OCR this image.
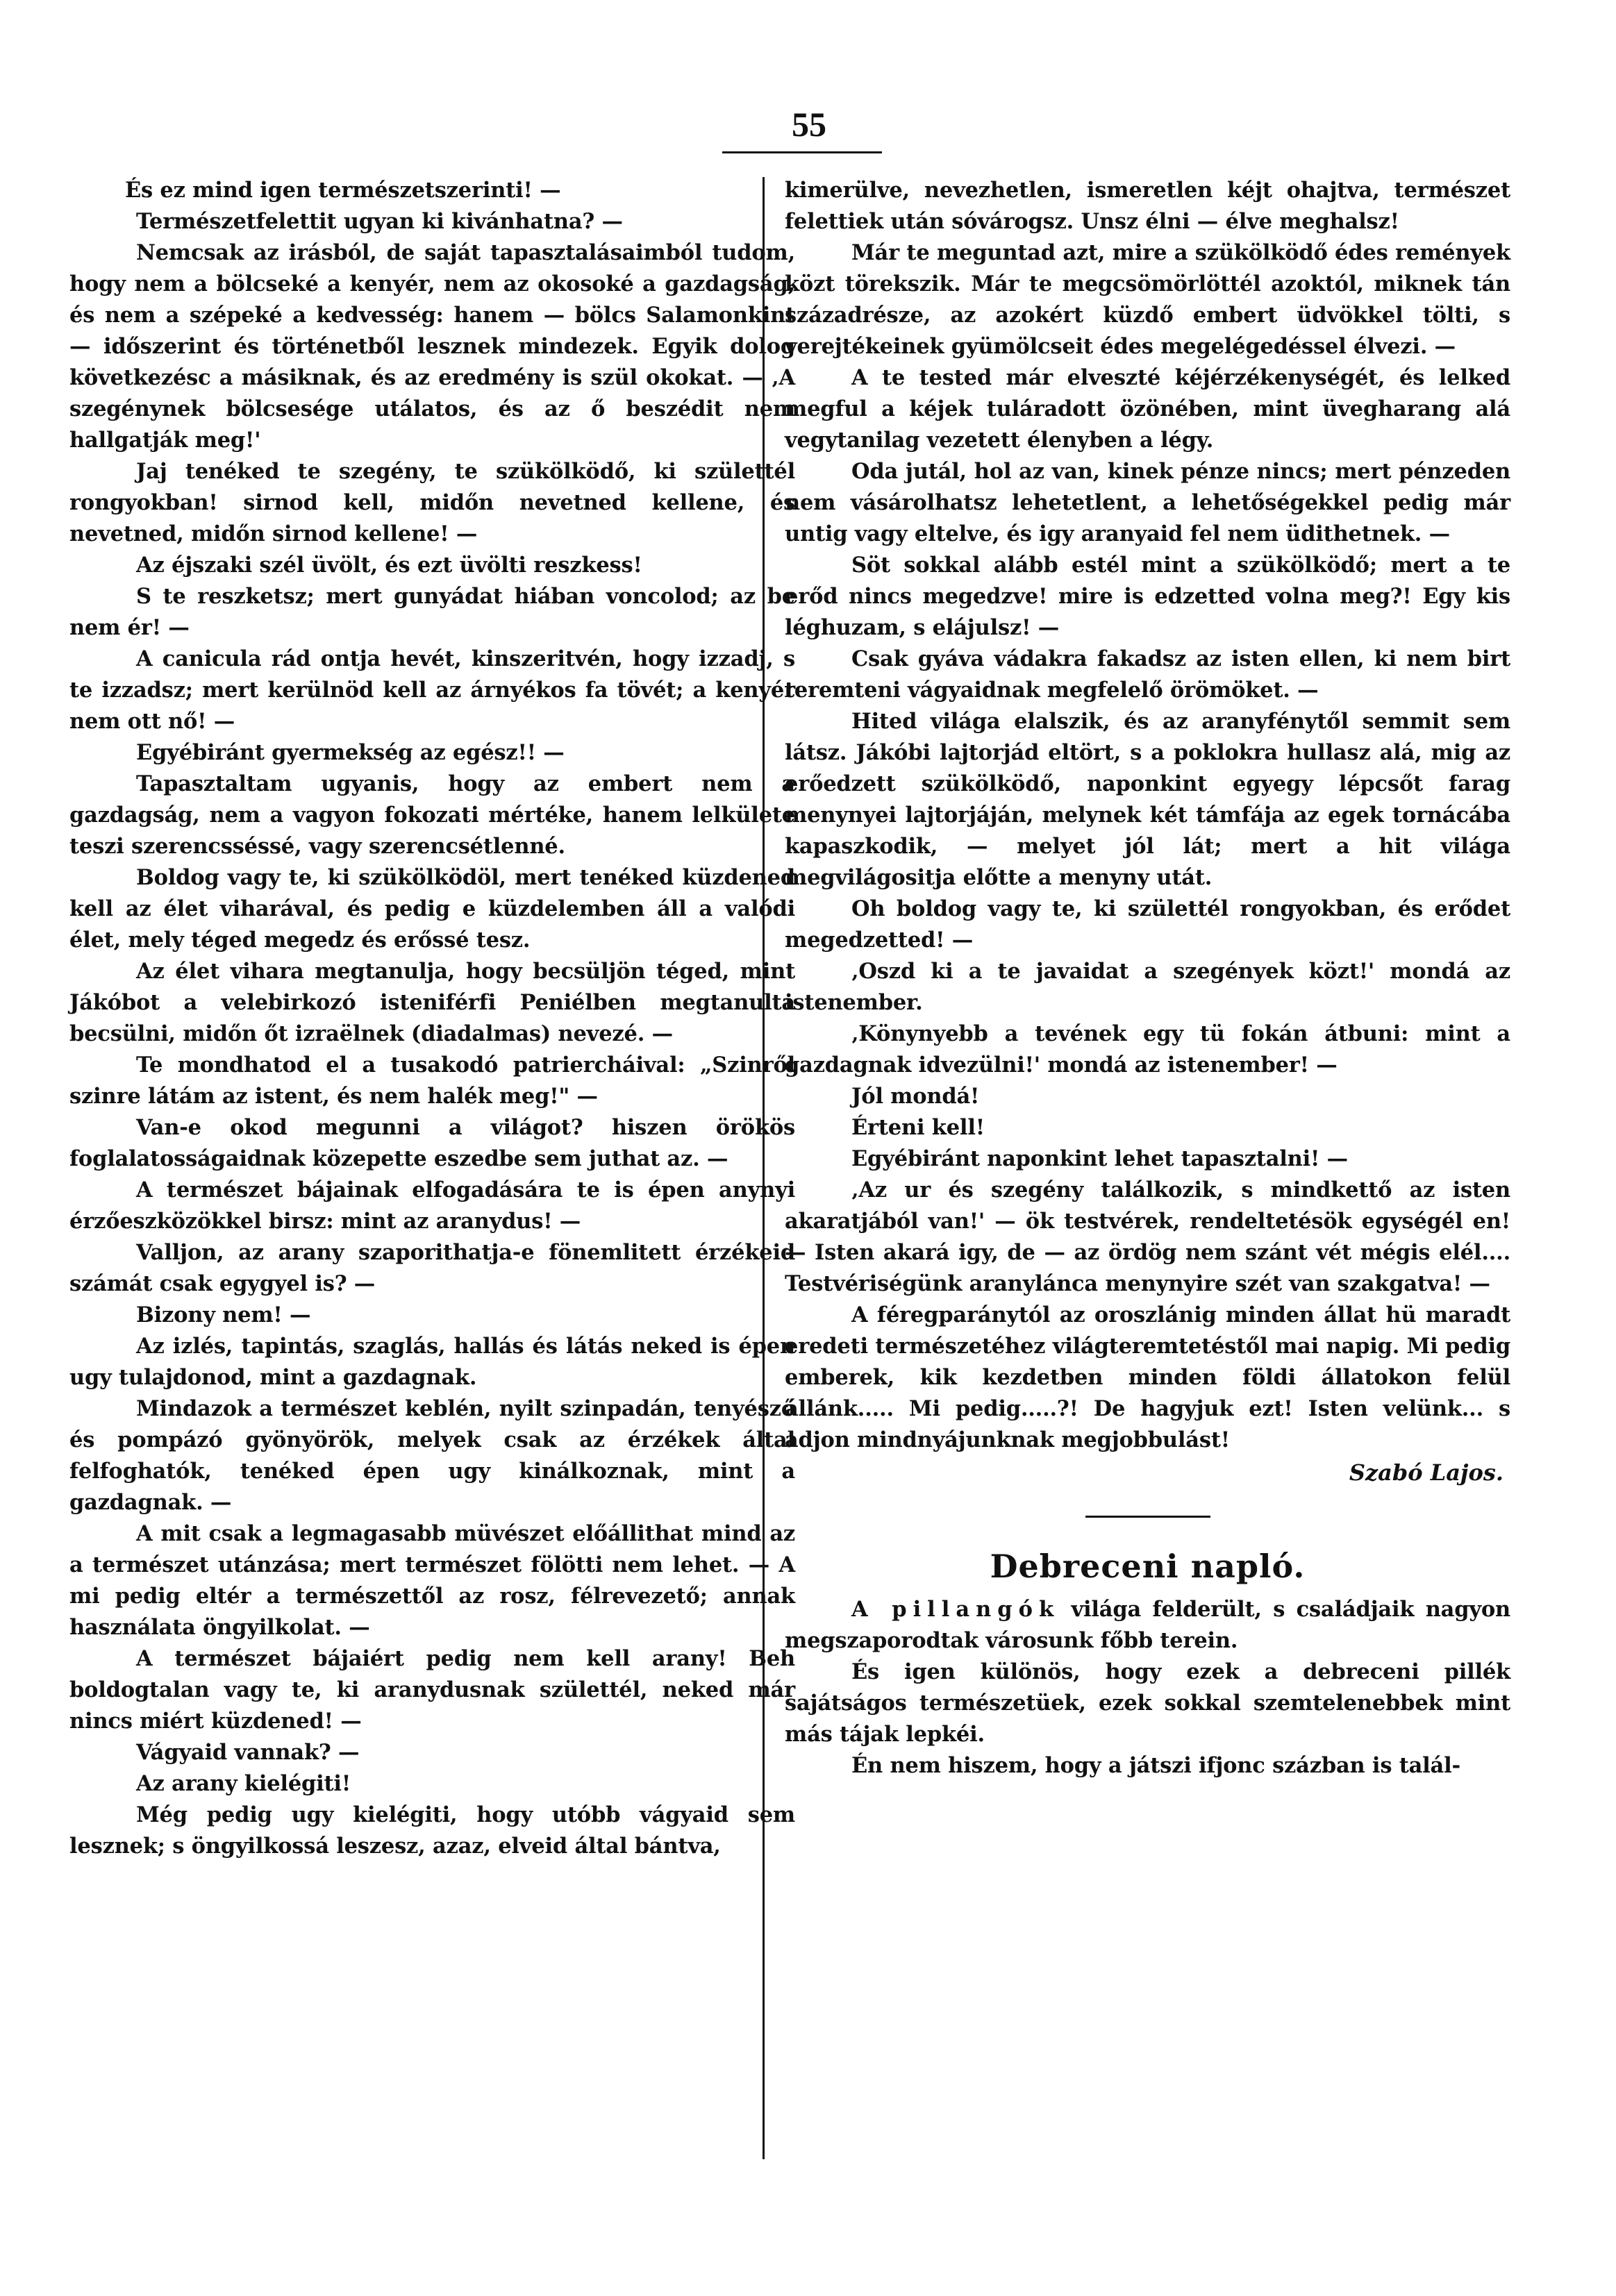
55

És ez mind igen természetszerinti! —

Természetfelettit ugyan ki kivánhatna? —

Nemcsak az irásból, de saját tapasztalásaimból tudom, hogy nem a bölcseké a kenyér, nem az okosoké a gazdagság, és nem a szépeké a kedvesség: hanem — bölcs Salamonkint — időszerint és történetből lesznek mindezek. Egyik dolog következésc a másiknak, és az eredmény is szül okokat. — ‚A szegénynek bölcsesége utálatos, és az ő beszédit nem hallgatják meg!'

Jaj tenéked te szegény, te szükölködő, ki születtél rongyokban! sirnod kell, midőn nevetned kellene, és nevetned, midőn sirnod kellene! —

Az éjszaki szél üvölt, és ezt üvölti reszkess!

S te reszketsz; mert gunyádat hiában voncolod; az be nem ér! —

A canicula rád ontja hevét, kinszeritvén, hogy izzadj, s te izzadsz; mert kerülnöd kell az árnyékos fa tövét; a kenyér nem ott nő! —

Egyébiránt gyermekség az egész!! —

Tapasztaltam ugyanis, hogy az embert nem a gazdagság, nem a vagyon fokozati mértéke, hanem lelkülete teszi szerencsséssé, vagy szerencsétlenné.

Boldog vagy te, ki szükölködöl, mert tenéked küzdened kell az élet viharával, és pedig e küzdelemben áll a valódi élet, mely téged megedz és erőssé tesz.

Az élet vihara megtanulja, hogy becsüljön téged, mint Jákóbot a velebirkozó isteniférfi Peniélben megtanulta becsülni, midőn őt izraëlnek (diadalmas) nevezé. —

Te mondhatod el a tusakodó patriercháival: „Szinről szinre látám az istent, és nem halék meg!" —

Van-e okod megunni a világot? hiszen örökös foglalatosságaidnak közepette eszedbe sem juthat az. —

A természet bájainak elfogadására te is épen anynyi érzőeszközökkel birsz: mint az aranydus! —

Valljon, az arany szaporithatja-e fönemlitett érzékeid számát csak egygyel is? —

Bizony nem! —

Az izlés, tapintás, szaglás, hallás és látás neked is épen ugy tulajdonod, mint a gazdagnak.

Mindazok a természet keblén, nyilt szinpadán, tenyésző és pompázó gyönyörök, melyek csak az érzékek által felfoghatók, tenéked épen ugy kinálkoznak, mint a gazdagnak. —

A mit csak a legmagasabb müvészet előállithat mind az a természet utánzása; mert természet fölötti nem lehet. — A mi pedig eltér a természettől az rosz, félrevezető; annak használata öngyilkolat. —

A természet bájaiért pedig nem kell arany! Beh boldogtalan vagy te, ki aranydusnak születtél, neked már nincs miért küzdened! —

Vágyaid vannak? —

Az arany kielégiti!

Még pedig ugy kielégiti, hogy utóbb vágyaid sem lesznek; s öngyilkossá leszesz, azaz, elveid által bántva,

kimerülve, nevezhetlen, ismeretlen kéjt ohajtva, természet felettiek után sóvárogsz. Unsz élni — élve meghalsz!

Már te meguntad azt, mire a szükölködő édes remények közt törekszik. Már te megcsömörlöttél azoktól, miknek tán századrésze, az azokért küzdő embert üdvökkel tölti, s verejtékeinek gyümölcseit édes megelégedéssel élvezi. —

A te tested már elveszté kéjérzékenységét, és lelked megful a kéjek tuláradott özönében, mint üvegharang alá vegytanilag vezetett élenyben a légy.

Oda jutál, hol az van, kinek pénze nincs; mert pénzeden nem vásárolhatsz lehetetlent, a lehetőségekkel pedig már untig vagy eltelve, és igy aranyaid fel nem üdithetnek. —

Söt sokkal alább estél mint a szükölködő; mert a te erőd nincs megedzve! mire is edzetted volna meg?! Egy kis léghuzam, s elájulsz! —

Csak gyáva vádakra fakadsz az isten ellen, ki nem birt teremteni vágyaidnak megfelelő örömöket. —

Hited világa elalszik, és az aranyfénytől semmit sem látsz. Jákóbi lajtorjád eltört, s a poklokra hullasz alá, mig az erőedzett szükölködő, naponkint egyegy lépcsőt farag menynyei lajtorjáján, melynek két támfája az egek tornácába kapaszkodik, — melyet jól lát; mert a hit világa megvilágositja előtte a menyny utát.

Oh boldog vagy te, ki születtél rongyokban, és erődet megedzetted! —

‚Oszd ki a te javaidat a szegények közt!' mondá az istenember.

‚Könynyebb a tevének egy tü fokán átbuni: mint a gazdagnak idvezülni!' mondá az istenember! —

Jól mondá!

Érteni kell!

Egyébiránt naponkint lehet tapasztalni! —

‚Az ur és szegény találkozik, s mindkettő az isten akaratjából van!' — ök testvérek, rendeltetésök egységél en! — Isten akará igy, de — az ördög nem szánt vét mégis elél.... Testvériségünk aranylánca menynyire szét van szakgatva! —

A féregparánytól az oroszlánig minden állat hü maradt eredeti természetéhez világteremtetéstől mai napig. Mi pedig emberek, kik kezdetben minden földi állatokon felül állánk..... Mi pedig.....?! De hagyjuk ezt! Isten velünk... s adjon mindnyájunknak megjobbulást!

Szabó Lajos.

Debreceni napló.

A pillangók világa felderült, s családjaik nagyon megszaporodtak városunk főbb terein.

És igen különös, hogy ezek a debreceni pillék sajátságos természetüek, ezek sokkal szemtelenebbek mint más tájak lepkéi.

Én nem hiszem, hogy a játszi ifjonc százban is talál-
